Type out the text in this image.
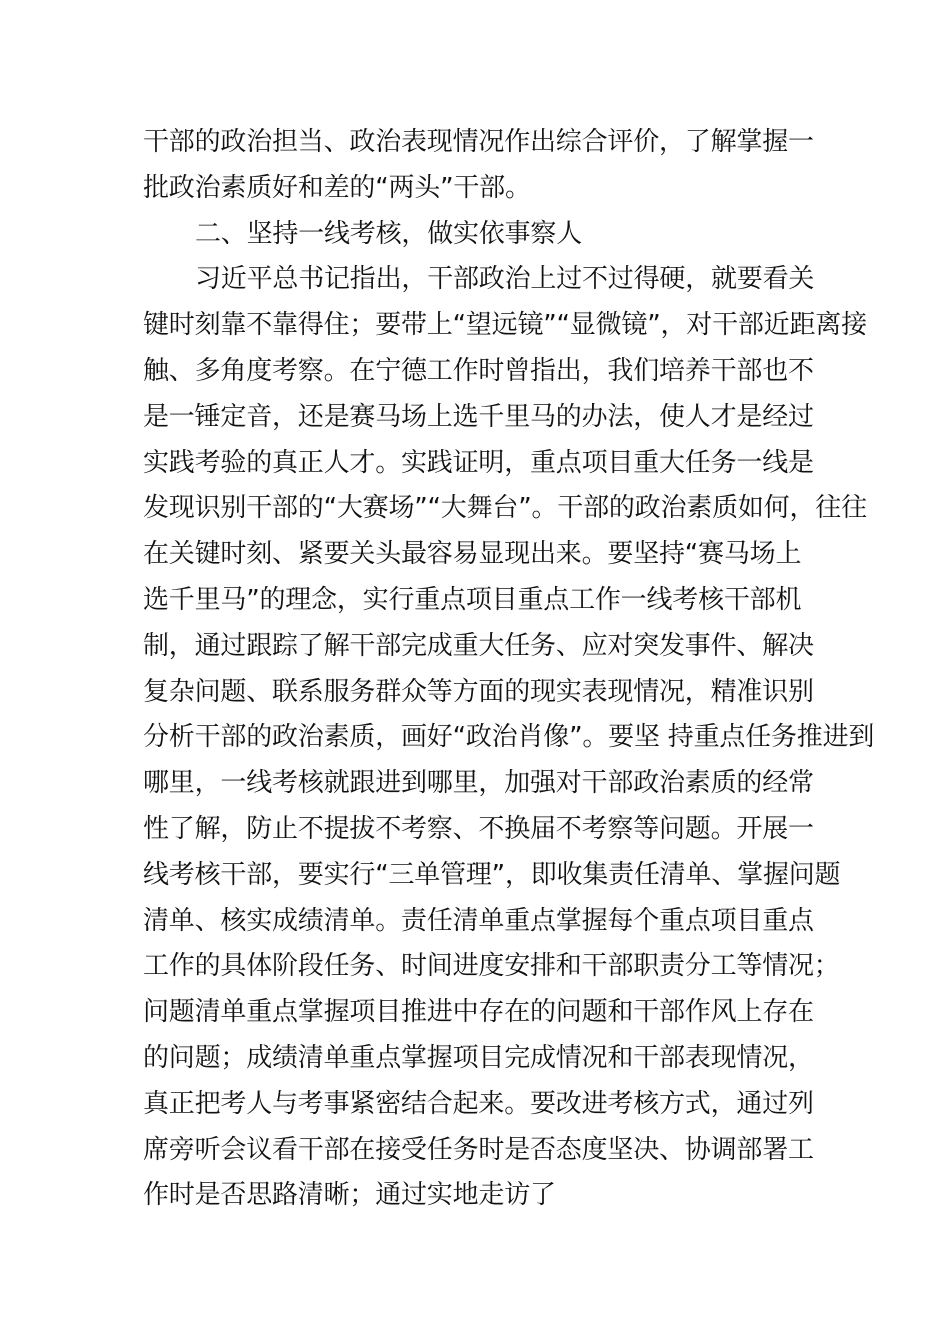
干部的政治担当、政治表现情况作出综合评价，了解掌握一
批政治素质好和差的“两头”干部。
二、坚持一线考核，做实依事察人
习近平总书记指出，干部政治上过不过得硬，就要看关
键时刻靠不靠得住；要带上“望远镜”“显微镜”，对干部近距离接
触、多角度考察。在宁德工作时曾指出，我们培养干部也不
是一锤定音，还是赛马场上选千里马的办法，使人才是经过
实践考验的真正人才。实践证明，重点项目重大任务一线是
发现识别干部的“大赛场”“大舞台”。干部的政治素质如何，往往
在关键时刻、紧要关头最容易显现出来。要坚持“赛马场上
选千里马”的理念，实行重点项目重点工作一线考核干部机
制，通过跟踪了解干部完成重大任务、应对突发事件、解决
复杂问题、联系服务群众等方面的现实表现情况，精准识别
分析干部的政治素质，画好“政治肖像”。要坚 持重点任务推进到
哪里，一线考核就跟进到哪里，加强对干部政治素质的经常
性了解，防止不提拔不考察、不换届不考察等问题。开展一
线考核干部，要实行“三单管理”，即收集责任清单、掌握问题
清单、核实成绩清单。责任清单重点掌握每个重点项目重点
工作的具体阶段任务、时间进度安排和干部职责分工等情况；
问题清单重点掌握项目推进中存在的问题和干部作风上存在
的问题；成绩清单重点掌握项目完成情况和干部表现情况，
真正把考人与考事紧密结合起来。要改进考核方式，通过列
席旁听会议看干部在接受任务时是否态度坚决、协调部署工
作时是否思路清晰；通过实地走访了
